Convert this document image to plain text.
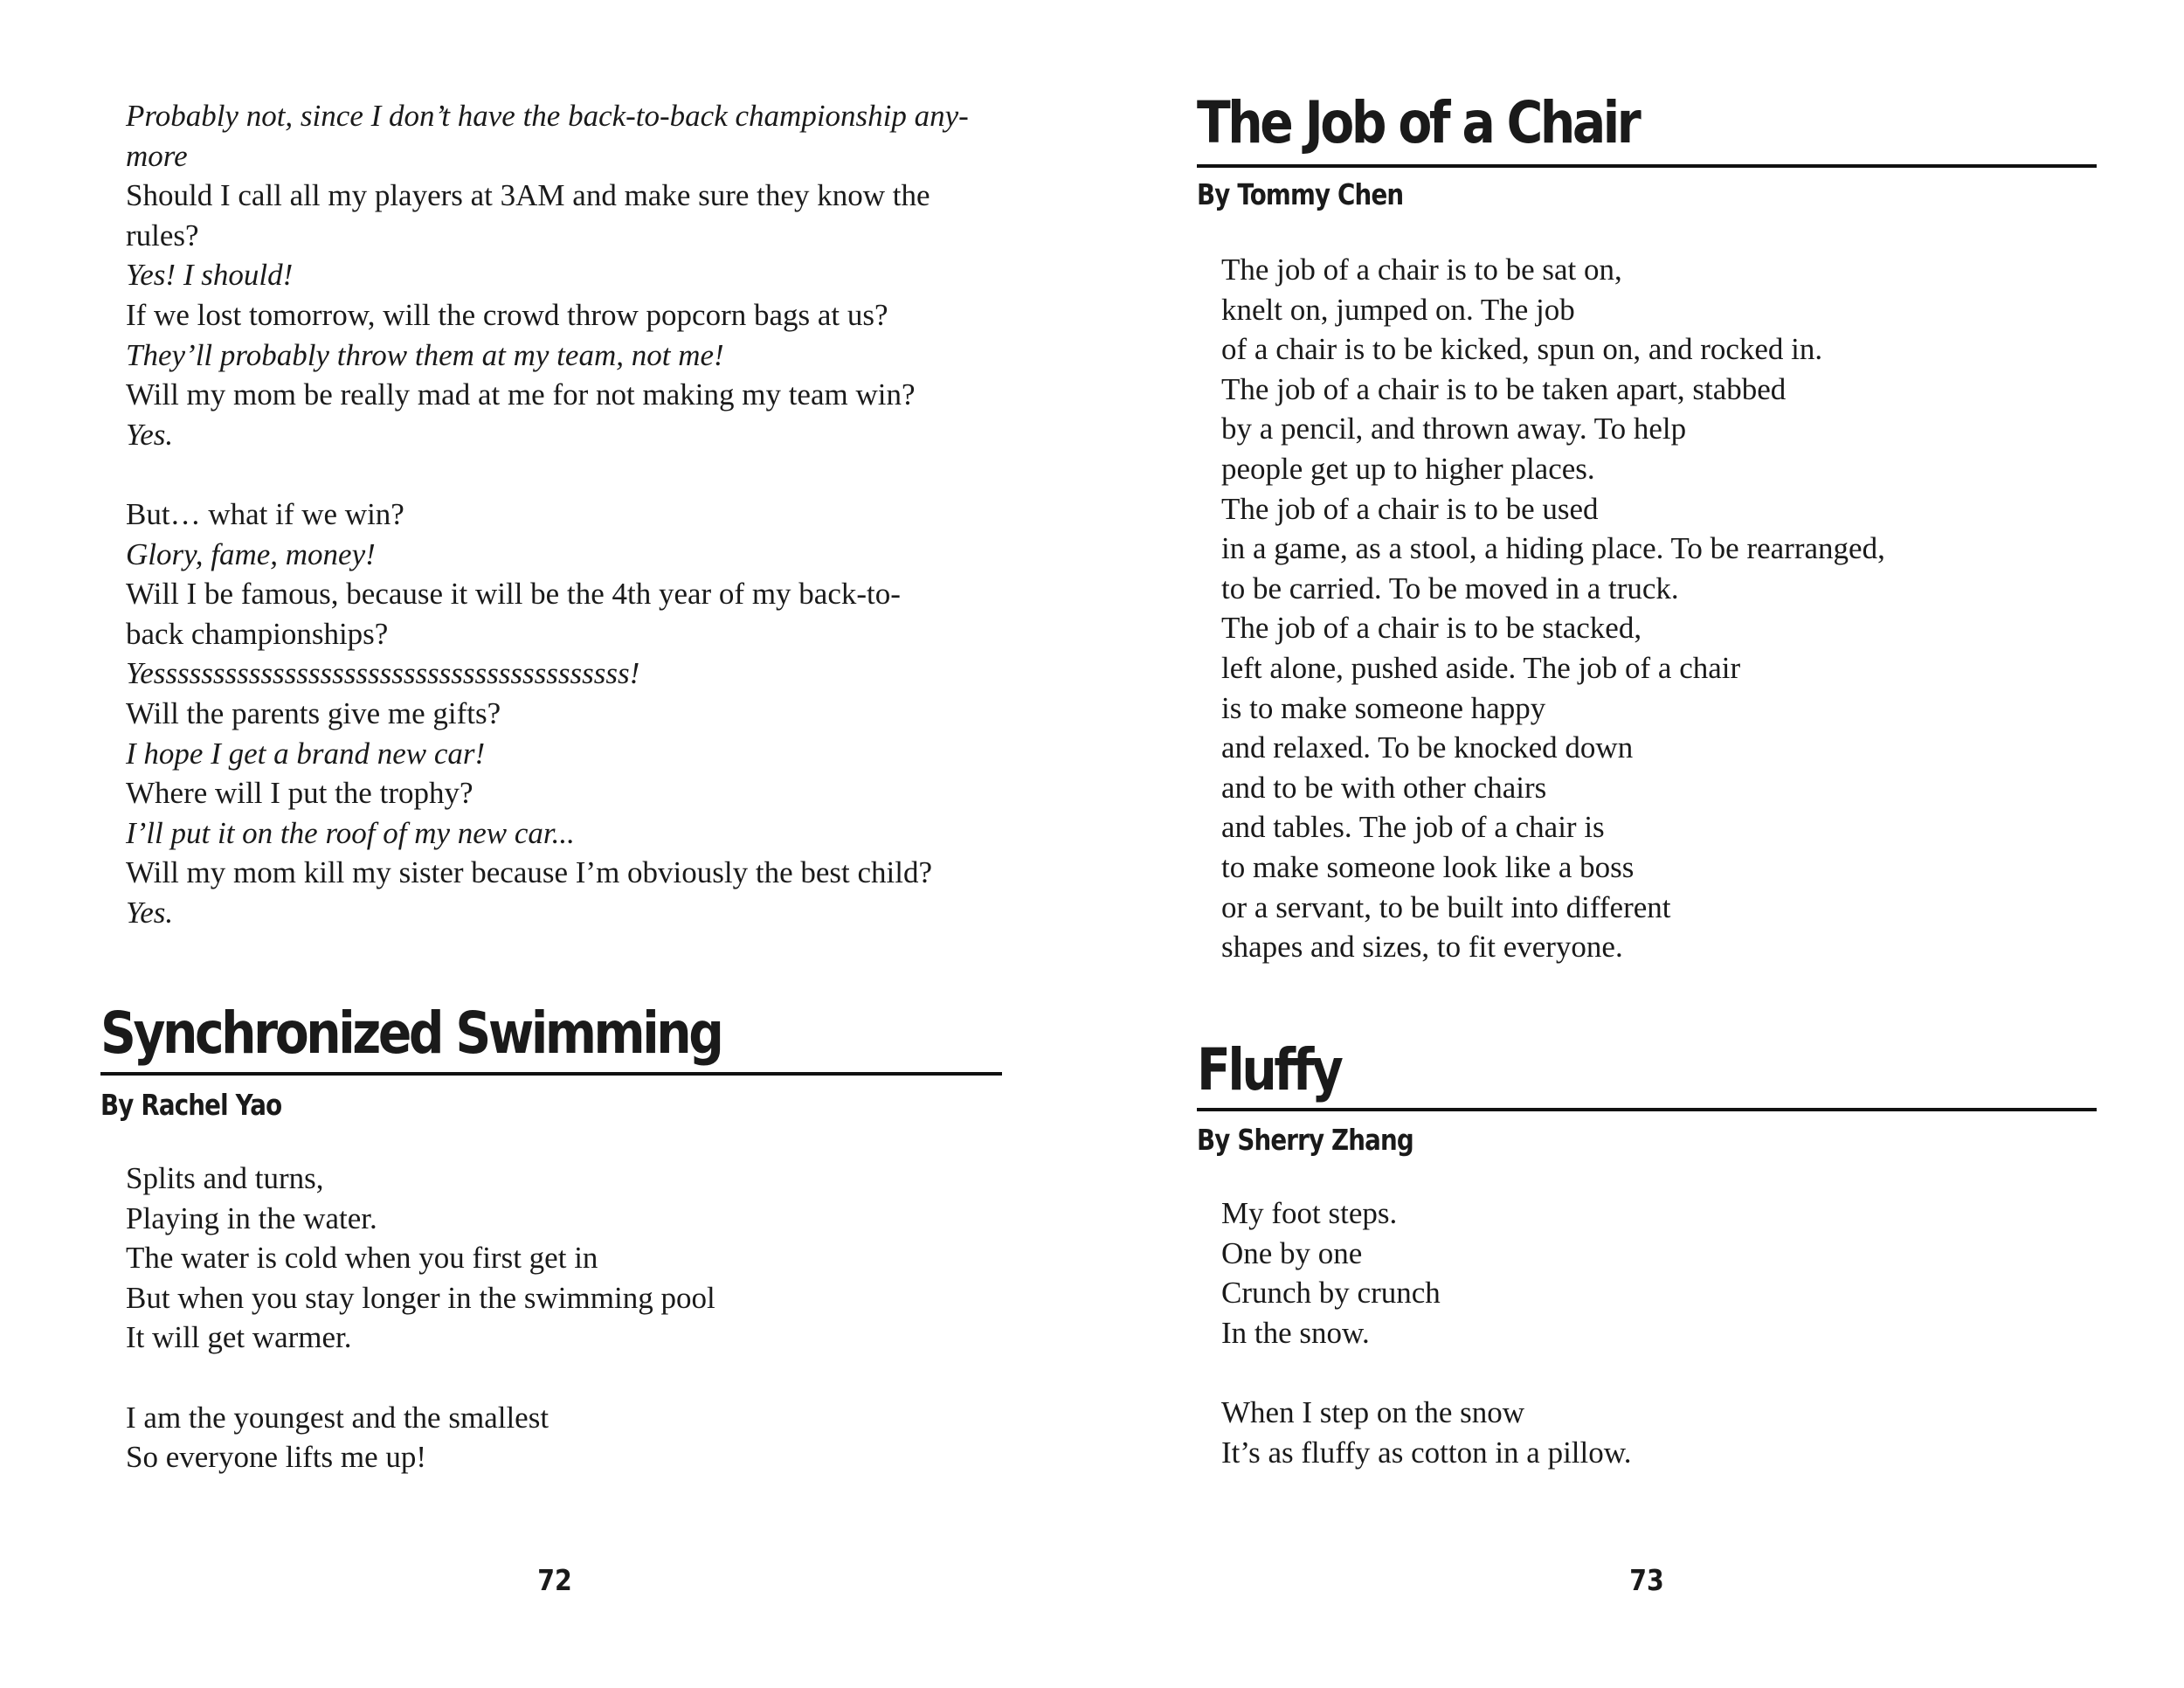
Probably not, since I don’t have the back-to-back championship any-
more
Should I call all my players at 3AM and make sure they know the
rules?
Yes! I should!
If we lost tomorrow, will the crowd throw popcorn bags at us?
They’ll probably throw them at my team, not me!
Will my mom be really mad at me for not making my team win?
Yes.
But… what if we win?
Glory, fame, money!
Will I be famous, because it will be the 4th year of my back-to-
back championships?
Yessssssssssssssssssssssssssssssssssssssss!
Will the parents give me gifts?
I hope I get a brand new car!
Where will I put the trophy?
I’ll put it on the roof of my new car...
Will my mom kill my sister because I’m obviously the best child?
Yes.
Synchronized Swimming
By Rachel Yao
Splits and turns,
Playing in the water.
The water is cold when you first get in
But when you stay longer in the swimming pool
It will get warmer.
I am the youngest and the smallest
So everyone lifts me up!
72
The Job of a Chair
By Tommy Chen
The job of a chair is to be sat on,
knelt on, jumped on. The job
of a chair is to be kicked, spun on, and rocked in.
The job of a chair is to be taken apart, stabbed
by a pencil, and thrown away. To help
people get up to higher places.
The job of a chair is to be used
in a game, as a stool, a hiding place. To be rearranged,
to be carried. To be moved in a truck.
The job of a chair is to be stacked,
left alone, pushed aside. The job of a chair
is to make someone happy
and relaxed. To be knocked down
and to be with other chairs
and tables. The job of a chair is
to make someone look like a boss
or a servant, to be built into different
shapes and sizes, to fit everyone.
Fluffy
By Sherry Zhang
My foot steps.
One by one
Crunch by crunch
In the snow.
When I step on the snow
It’s as fluffy as cotton in a pillow.
73
